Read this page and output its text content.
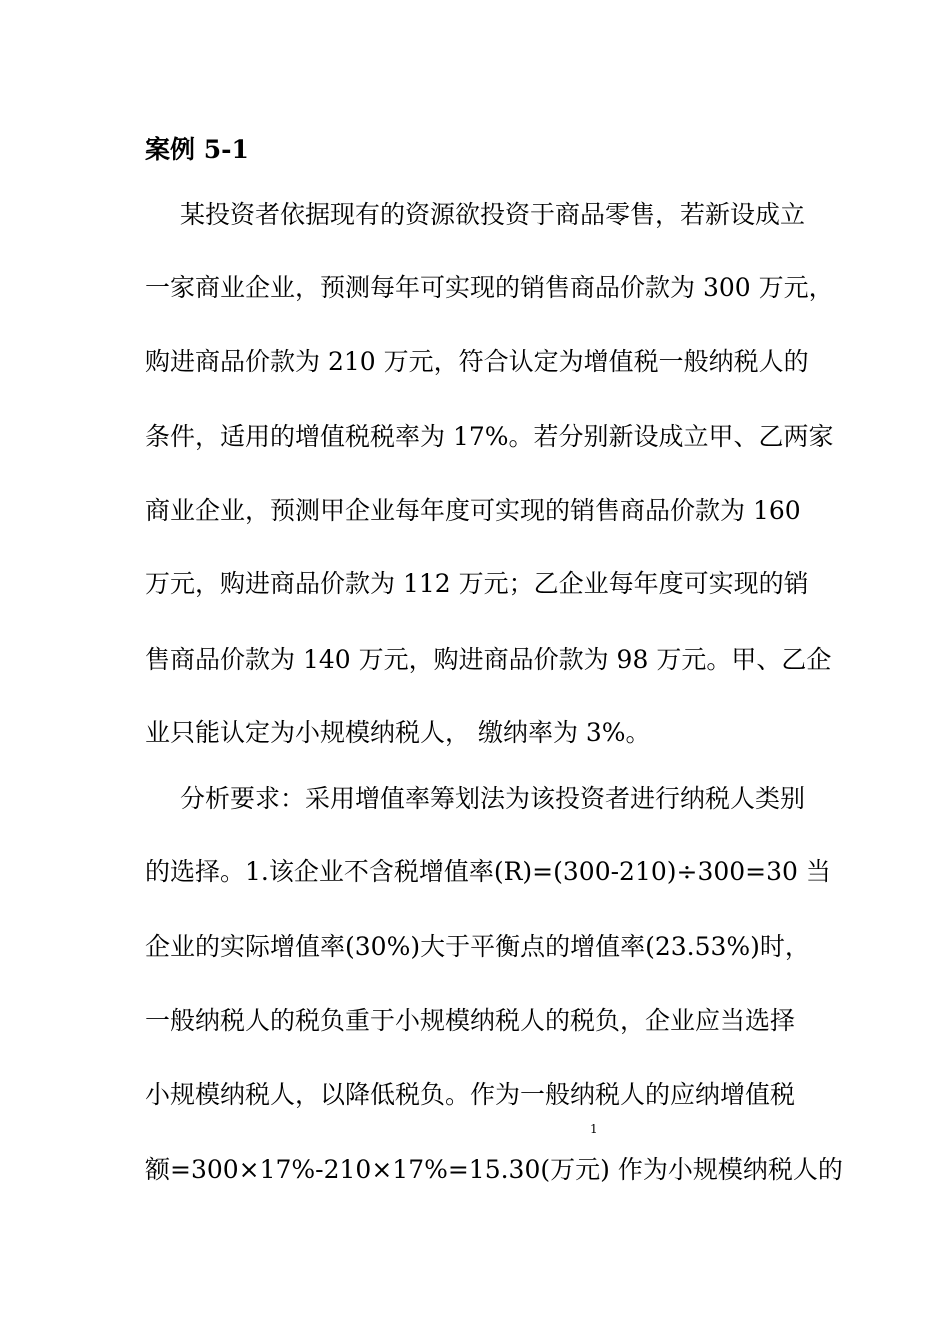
案例 5-1
某投资者依据现有的资源欲投资于商品零售，若新设成立
一家商业企业，预测每年可实现的销售商品价款为 300 万元，
购进商品价款为 210 万元，符合认定为增值税一般纳税人的
条件，适用的增值税税率为 17%。若分别新设成立甲、乙两家
商业企业，预测甲企业每年度可实现的销售商品价款为 160
万元，购进商品价款为 112 万元；乙企业每年度可实现的销
售商品价款为 140 万元，购进商品价款为 98 万元。甲、乙企
业只能认定为小规模纳税人， 缴纳率为 3%。
分析要求：采用增值率筹划法为该投资者进行纳税人类别
的选择。1.该企业不含税增值率(R)=(300-210)÷300=30 当
企业的实际增值率(30%)大于平衡点的增值率(23.53%)时，
一般纳税人的税负重于小规模纳税人的税负，企业应当选择
小规模纳税人，以降低税负。作为一般纳税人的应纳增值税
额=300×17%-210×17%=15.30(万元) 作为小规模纳税人的
1
